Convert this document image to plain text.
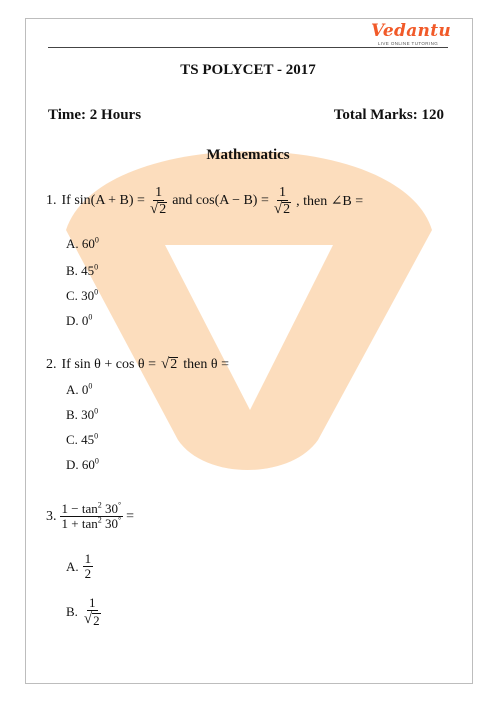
Vedantu
LIVE ONLINE TUTORING
TS POLYCET - 2017
Time: 2 Hours	Total Marks: 120
Mathematics
1. If $\sin(A + B) = \frac{1}{√ 2}$ and $\cos(A - B) = \frac{1}{√ 2}$ , then ∠B =
A. $60^0$
B. $45^0$
C. $30^0$
D. $0^0$
2. If sin θ + cos θ = √ 2 then θ =
A. $0^0$
B. $30^0$
C. $45^0$
D. $60^0$
3. $\frac{1 - \tan^2 30^\circ}{1 + \tan^2 30^\circ}$ =
A. $\frac{1}{2}$
B. $\frac{1}{√ 2}$
